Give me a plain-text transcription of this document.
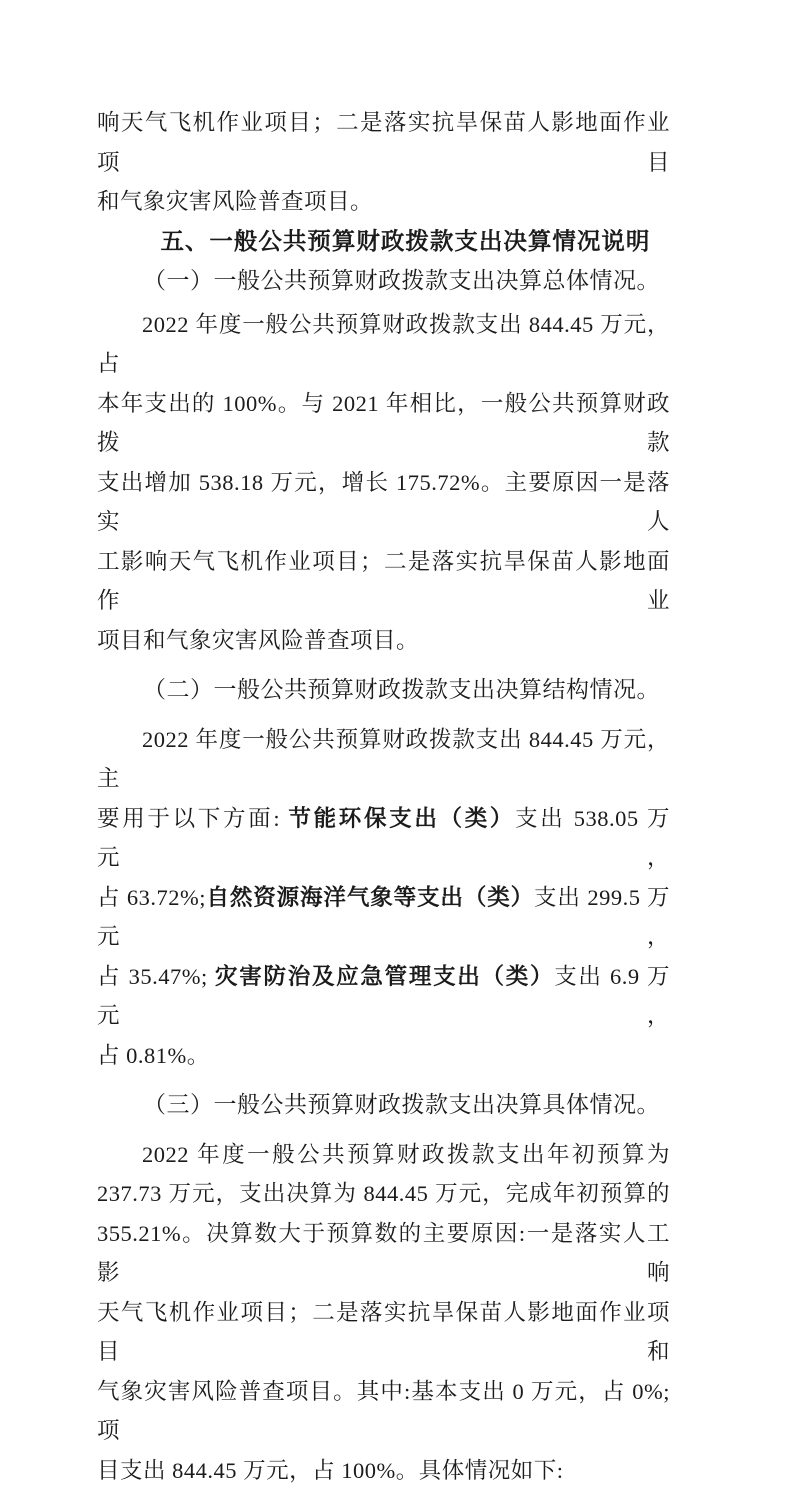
响天气飞机作业项目；二是落实抗旱保苗人影地面作业项目
和气象灾害风险普查项目。
五、一般公共预算财政拨款支出决算情况说明
（一）一般公共预算财政拨款支出决算总体情况。
2022 年度一般公共预算财政拨款支出 844.45 万元，占
本年支出的 100%。与 2021 年相比，一般公共预算财政拨款
支出增加 538.18 万元，增长 175.72%。主要原因一是落实人
工影响天气飞机作业项目；二是落实抗旱保苗人影地面作业
项目和气象灾害风险普查项目。
（二）一般公共预算财政拨款支出决算结构情况。
2022 年度一般公共预算财政拨款支出 844.45 万元，主
要用于以下方面: 节能环保支出（类）支出 538.05 万元，
占 63.72%;自然资源海洋气象等支出（类）支出 299.5 万元，
占 35.47%; 灾害防治及应急管理支出（类）支出 6.9 万元，
占 0.81%。
（三）一般公共预算财政拨款支出决算具体情况。
2022 年度一般公共预算财政拨款支出年初预算为
237.73 万元，支出决算为 844.45 万元，完成年初预算的
355.21%。决算数大于预算数的主要原因:一是落实人工影响
天气飞机作业项目；二是落实抗旱保苗人影地面作业项目和
气象灾害风险普查项目。其中:基本支出 0 万元，占 0%; 项
目支出 844.45 万元，占 100%。具体情况如下:
